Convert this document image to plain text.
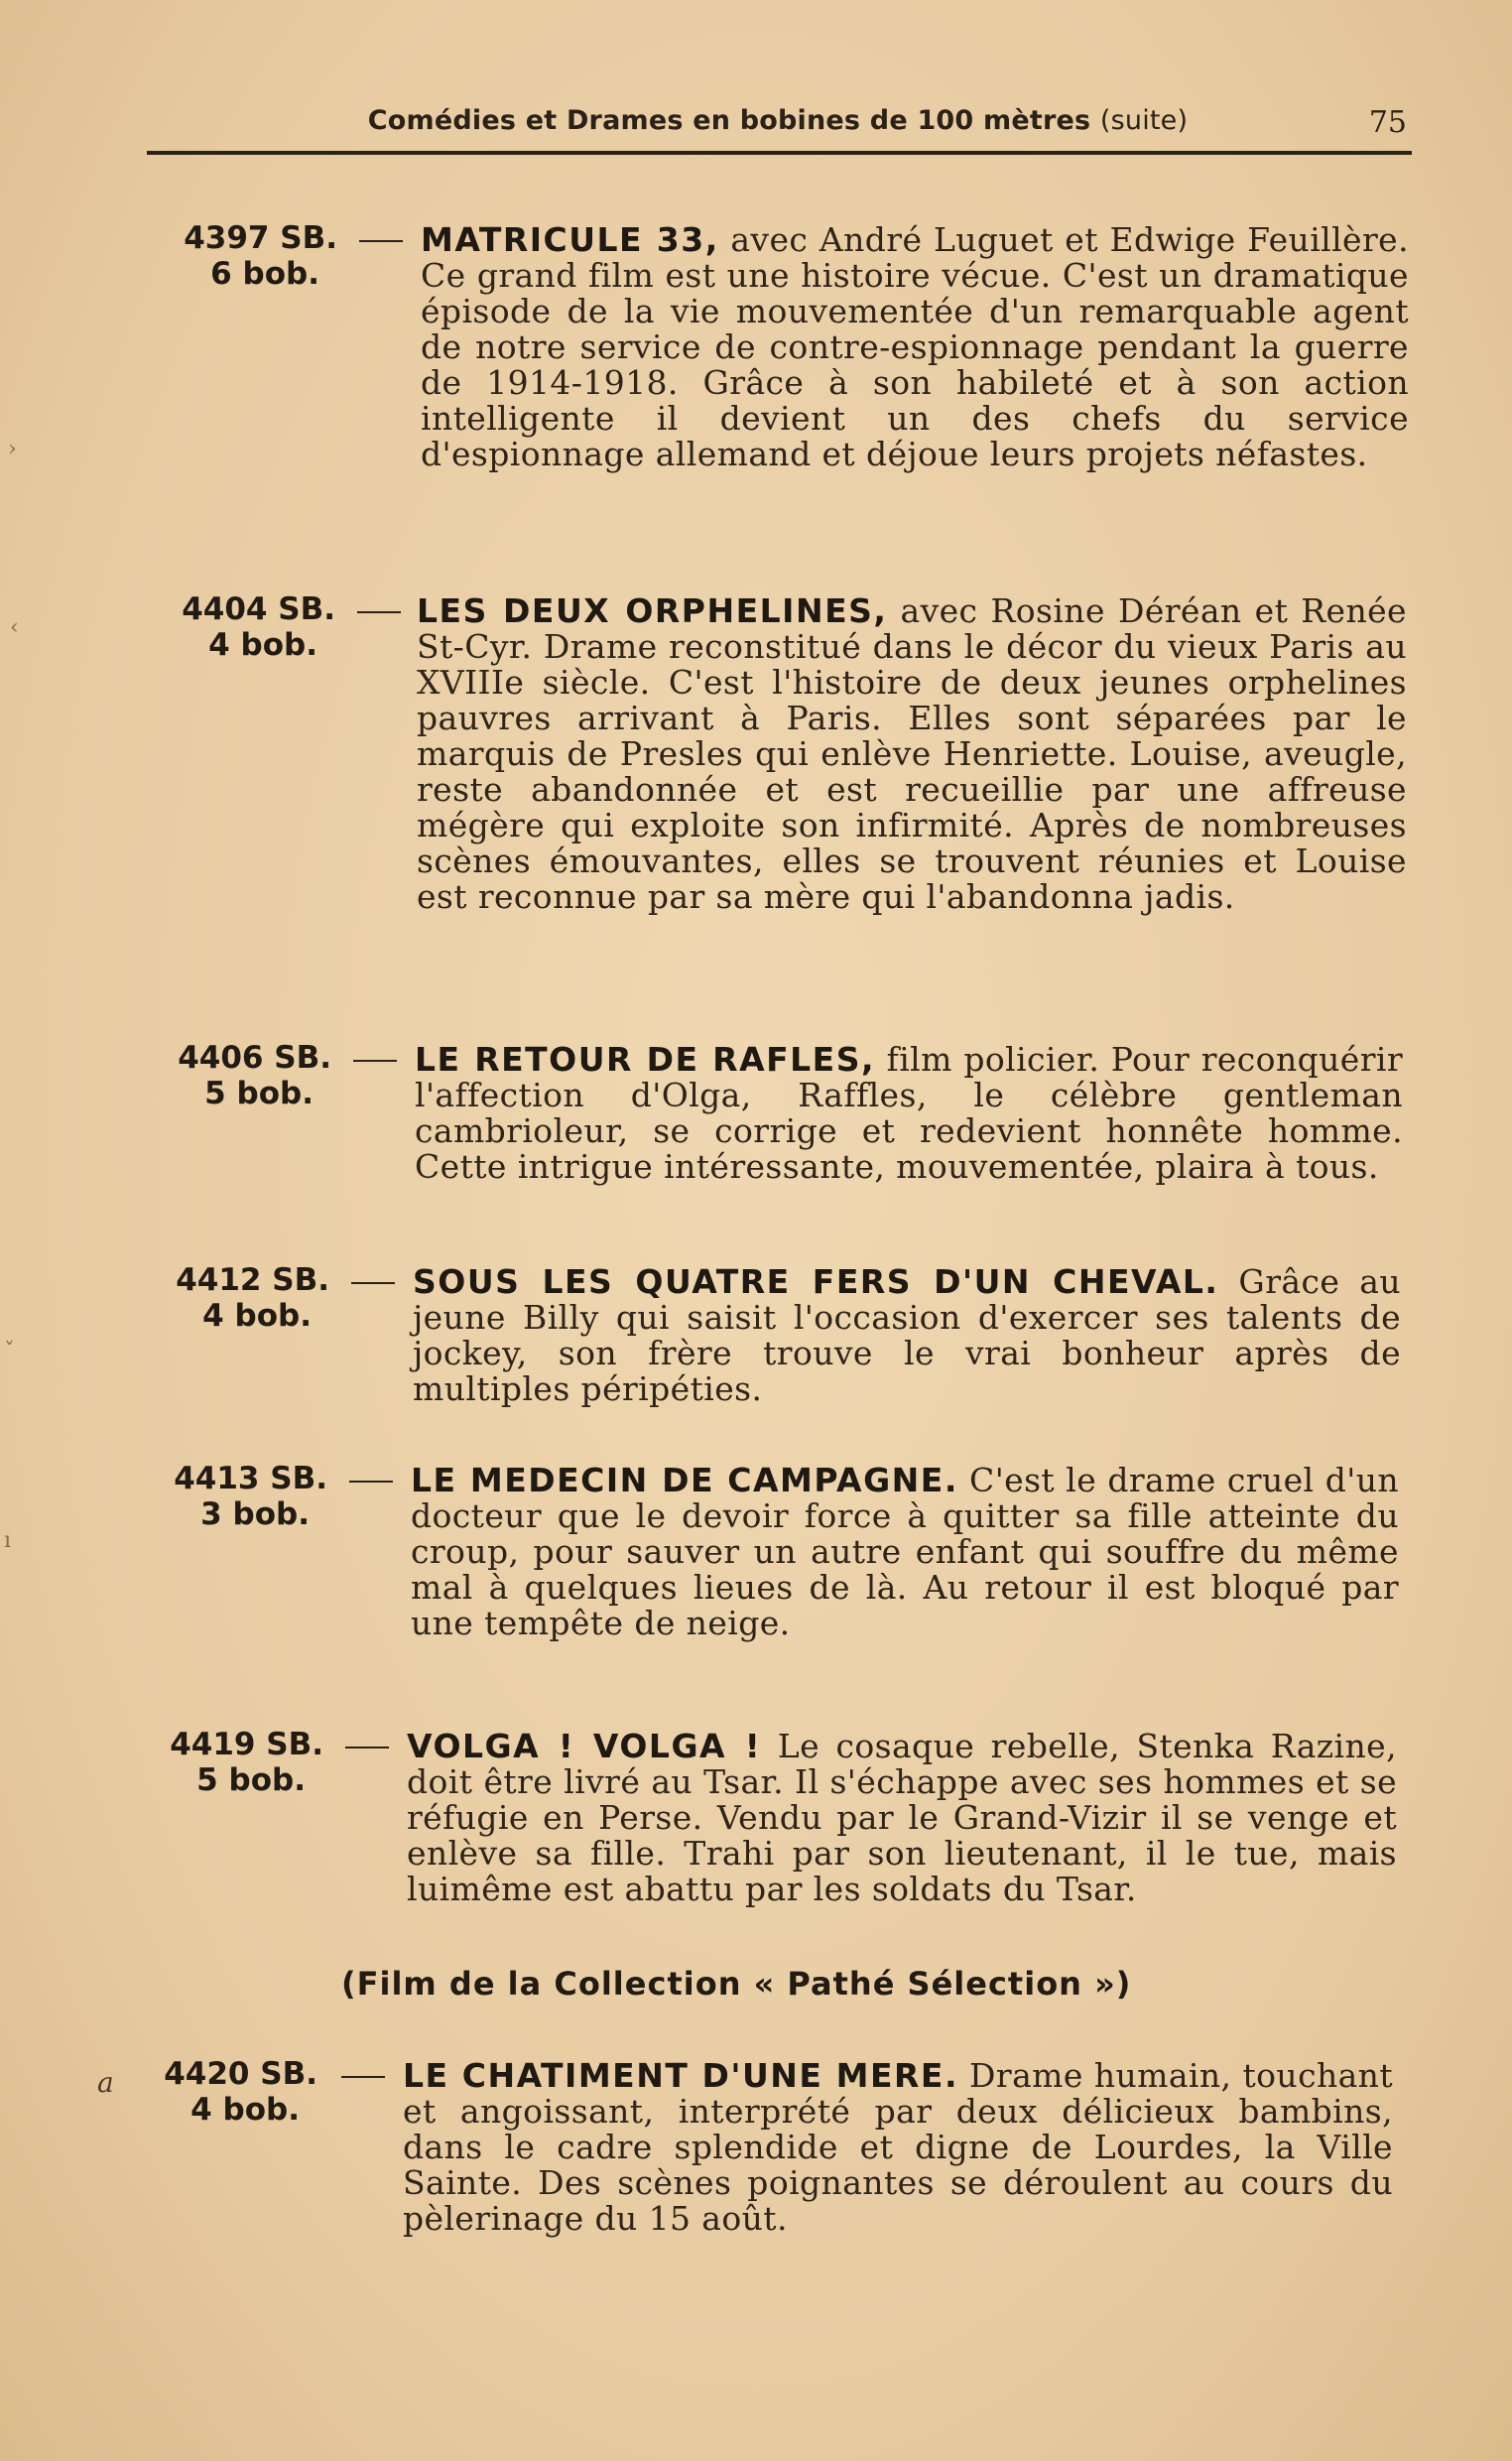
Comédies et Drames en bobines de 100 mètres (suite)	75
4397 SB.
6 bob.
MATRICULE 33, avec André Luguet et Edwige Feuillère. Ce grand film est une histoire vécue. C'est un dramatique épisode de la vie mouvementée d'un remarquable agent de notre service de contre-espionnage pendant la guerre de 1914-1918. Grâce à son habileté et à son action intelligente il devient un des chefs du service d'espionnage allemand et déjoue leurs projets néfastes.
4404 SB.
4 bob.
LES DEUX ORPHELINES, avec Rosine Déréan et Renée St-Cyr. Drame reconstitué dans le décor du vieux Paris au XVIIIe siècle. C'est l'histoire de deux jeunes orphelines pauvres arrivant à Paris. Elles sont séparées par le marquis de Presles qui enlève Henriette. Louise, aveugle, reste abandonnée et est recueillie par une affreuse mégère qui exploite son infirmité. Après de nombreuses scènes émouvantes, elles se trouvent réunies et Louise est reconnue par sa mère qui l'abandonna jadis.
4406 SB.
5 bob.
LE RETOUR DE RAFLES, film policier. Pour reconquérir l'affection d'Olga, Raffles, le célèbre gentleman cambrioleur, se corrige et redevient honnête homme. Cette intrigue intéressante, mouvementée, plaira à tous.
4412 SB.
4 bob.
SOUS LES QUATRE FERS D'UN CHEVAL. Grâce au jeune Billy qui saisit l'occasion d'exercer ses talents de jockey, son frère trouve le vrai bonheur après de multiples péripéties.
4413 SB.
3 bob.
LE MEDECIN DE CAMPAGNE. C'est le drame cruel d'un docteur que le devoir force à quitter sa fille atteinte du croup, pour sauver un autre enfant qui souffre du même mal à quelques lieues de là. Au retour il est bloqué par une tempête de neige.
4419 SB.
5 bob.
VOLGA ! VOLGA ! Le cosaque rebelle, Stenka Razine, doit être livré au Tsar. Il s'échappe avec ses hommes et se réfugie en Perse. Vendu par le Grand-Vizir il se venge et enlève sa fille. Trahi par son lieutenant, il le tue, mais luimême est abattu par les soldats du Tsar.
(Film de la Collection « Pathé Sélection »)
a	4420 SB.
4 bob.
LE CHATIMENT D'UNE MERE. Drame humain, touchant et angoissant, interprété par deux délicieux bambins, dans le cadre splendide et digne de Lourdes, la Ville Sainte. Des scènes poignantes se déroulent au cours du pèlerinage du 15 août.
›
‹
ˇ
ı
